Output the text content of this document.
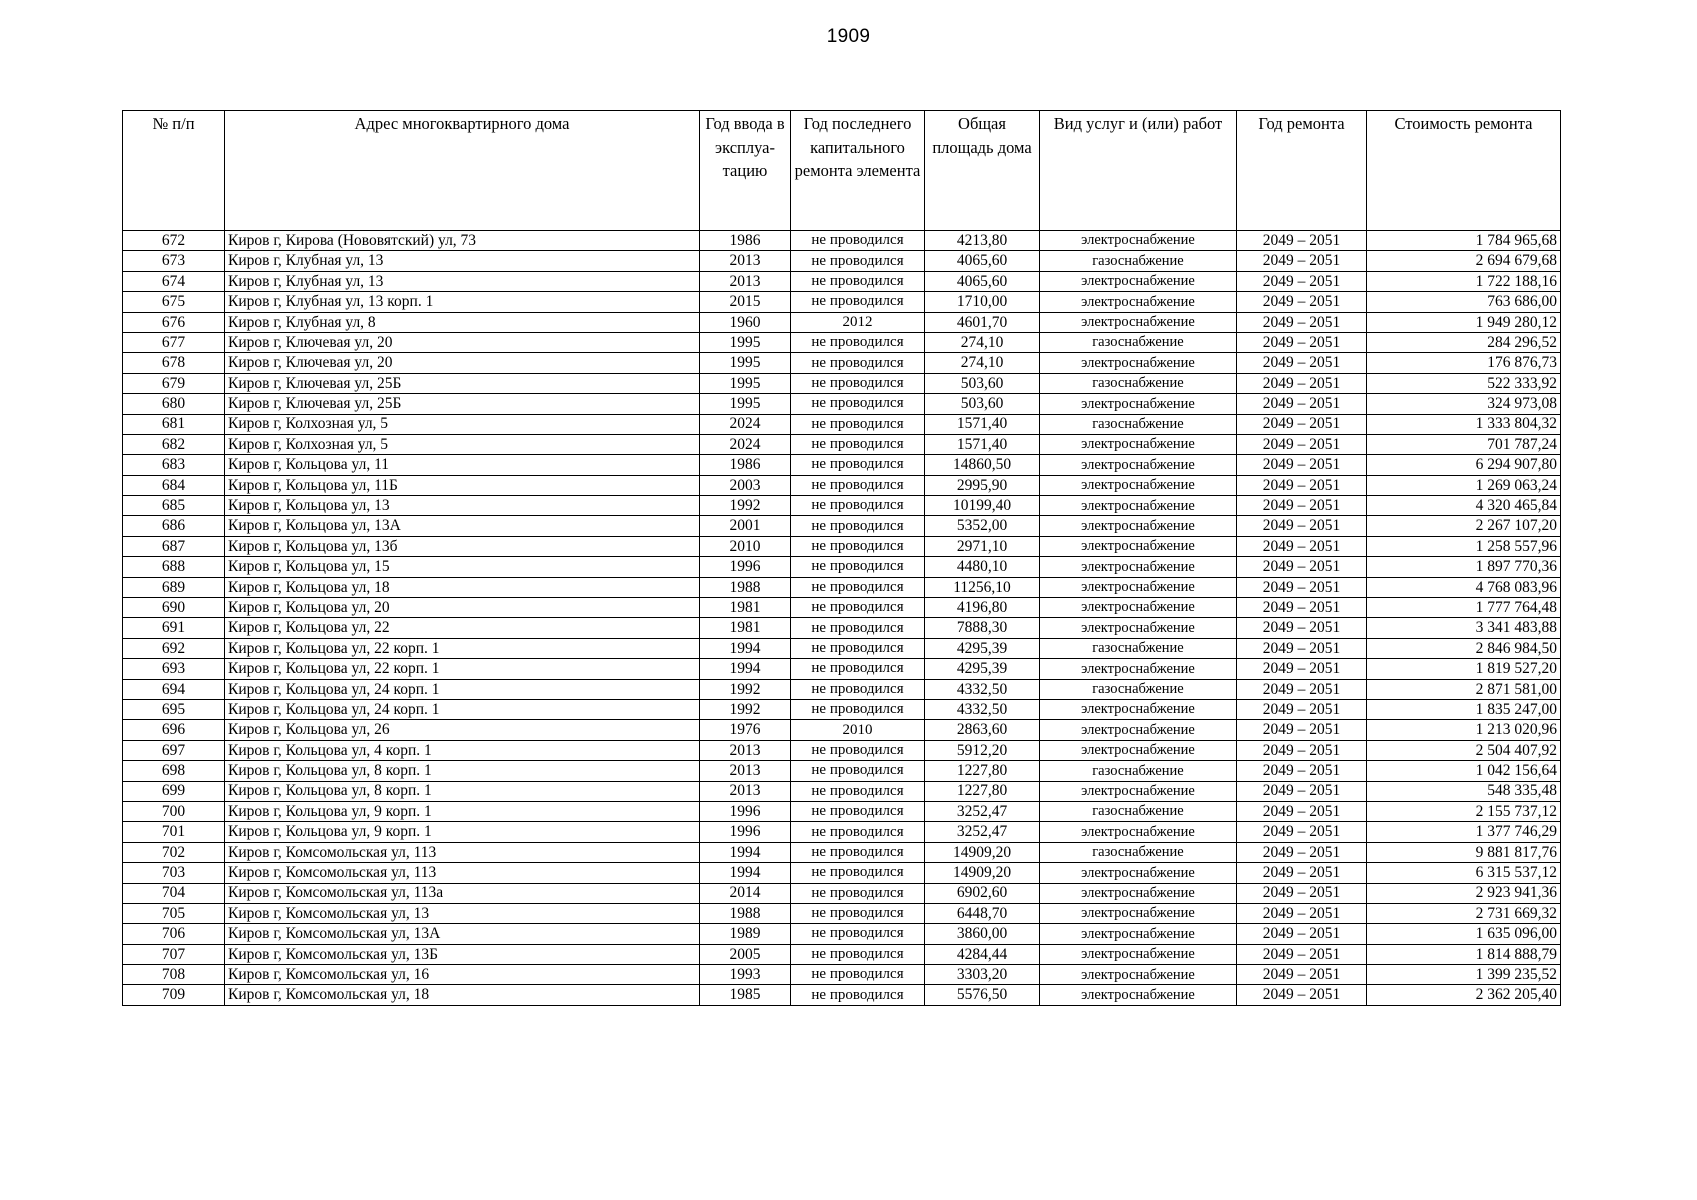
1909
№ п/п	Адрес многоквартирного дома	Год ввода в эксплуа-тацию	Год последнего капитального ремонта элемента	Общая площадь дома	Вид услуг и (или) работ	Год ремонта	Стоимость ремонта
672	Киров г, Кирова (Нововятский) ул, 73	1986	не проводился	4213,80	электроснабжение	2049 – 2051	1 784 965,68
673	Киров г, Клубная ул, 13	2013	не проводился	4065,60	газоснабжение	2049 – 2051	2 694 679,68
674	Киров г, Клубная ул, 13	2013	не проводился	4065,60	электроснабжение	2049 – 2051	1 722 188,16
675	Киров г, Клубная ул, 13 корп. 1	2015	не проводился	1710,00	электроснабжение	2049 – 2051	763 686,00
676	Киров г, Клубная ул, 8	1960	2012	4601,70	электроснабжение	2049 – 2051	1 949 280,12
677	Киров г, Ключевая ул, 20	1995	не проводился	274,10	газоснабжение	2049 – 2051	284 296,52
678	Киров г, Ключевая ул, 20	1995	не проводился	274,10	электроснабжение	2049 – 2051	176 876,73
679	Киров г, Ключевая ул, 25Б	1995	не проводился	503,60	газоснабжение	2049 – 2051	522 333,92
680	Киров г, Ключевая ул, 25Б	1995	не проводился	503,60	электроснабжение	2049 – 2051	324 973,08
681	Киров г, Колхозная ул, 5	2024	не проводился	1571,40	газоснабжение	2049 – 2051	1 333 804,32
682	Киров г, Колхозная ул, 5	2024	не проводился	1571,40	электроснабжение	2049 – 2051	701 787,24
683	Киров г, Кольцова ул, 11	1986	не проводился	14860,50	электроснабжение	2049 – 2051	6 294 907,80
684	Киров г, Кольцова ул, 11Б	2003	не проводился	2995,90	электроснабжение	2049 – 2051	1 269 063,24
685	Киров г, Кольцова ул, 13	1992	не проводился	10199,40	электроснабжение	2049 – 2051	4 320 465,84
686	Киров г, Кольцова ул, 13А	2001	не проводился	5352,00	электроснабжение	2049 – 2051	2 267 107,20
687	Киров г, Кольцова ул, 13б	2010	не проводился	2971,10	электроснабжение	2049 – 2051	1 258 557,96
688	Киров г, Кольцова ул, 15	1996	не проводился	4480,10	электроснабжение	2049 – 2051	1 897 770,36
689	Киров г, Кольцова ул, 18	1988	не проводился	11256,10	электроснабжение	2049 – 2051	4 768 083,96
690	Киров г, Кольцова ул, 20	1981	не проводился	4196,80	электроснабжение	2049 – 2051	1 777 764,48
691	Киров г, Кольцова ул, 22	1981	не проводился	7888,30	электроснабжение	2049 – 2051	3 341 483,88
692	Киров г, Кольцова ул, 22 корп. 1	1994	не проводился	4295,39	газоснабжение	2049 – 2051	2 846 984,50
693	Киров г, Кольцова ул, 22 корп. 1	1994	не проводился	4295,39	электроснабжение	2049 – 2051	1 819 527,20
694	Киров г, Кольцова ул, 24 корп. 1	1992	не проводился	4332,50	газоснабжение	2049 – 2051	2 871 581,00
695	Киров г, Кольцова ул, 24 корп. 1	1992	не проводился	4332,50	электроснабжение	2049 – 2051	1 835 247,00
696	Киров г, Кольцова ул, 26	1976	2010	2863,60	электроснабжение	2049 – 2051	1 213 020,96
697	Киров г, Кольцова ул, 4 корп. 1	2013	не проводился	5912,20	электроснабжение	2049 – 2051	2 504 407,92
698	Киров г, Кольцова ул, 8 корп. 1	2013	не проводился	1227,80	газоснабжение	2049 – 2051	1 042 156,64
699	Киров г, Кольцова ул, 8 корп. 1	2013	не проводился	1227,80	электроснабжение	2049 – 2051	548 335,48
700	Киров г, Кольцова ул, 9 корп. 1	1996	не проводился	3252,47	газоснабжение	2049 – 2051	2 155 737,12
701	Киров г, Кольцова ул, 9 корп. 1	1996	не проводился	3252,47	электроснабжение	2049 – 2051	1 377 746,29
702	Киров г, Комсомольская ул, 113	1994	не проводился	14909,20	газоснабжение	2049 – 2051	9 881 817,76
703	Киров г, Комсомольская ул, 113	1994	не проводился	14909,20	электроснабжение	2049 – 2051	6 315 537,12
704	Киров г, Комсомольская ул, 113а	2014	не проводился	6902,60	электроснабжение	2049 – 2051	2 923 941,36
705	Киров г, Комсомольская ул, 13	1988	не проводился	6448,70	электроснабжение	2049 – 2051	2 731 669,32
706	Киров г, Комсомольская ул, 13А	1989	не проводился	3860,00	электроснабжение	2049 – 2051	1 635 096,00
707	Киров г, Комсомольская ул, 13Б	2005	не проводился	4284,44	электроснабжение	2049 – 2051	1 814 888,79
708	Киров г, Комсомольская ул, 16	1993	не проводился	3303,20	электроснабжение	2049 – 2051	1 399 235,52
709	Киров г, Комсомольская ул, 18	1985	не проводился	5576,50	электроснабжение	2049 – 2051	2 362 205,40
